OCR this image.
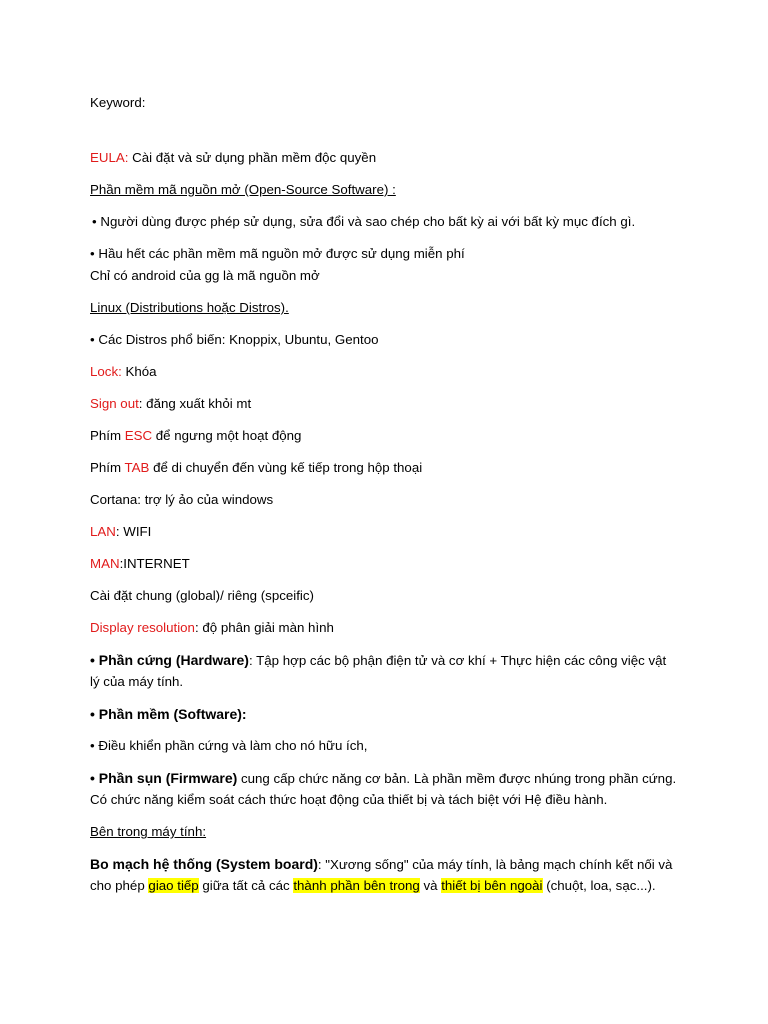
Keyword:
EULA: Cài đặt và sử dụng phần mềm độc quyền
Phần mềm mã nguồn mở (Open-Source Software) :
• Người dùng được phép sử dụng, sửa đổi và sao chép cho bất kỳ ai với bất kỳ mục đích gì.
• Hầu hết các phần mềm mã nguồn mở được sử dụng miễn phí
Chỉ có android của gg là mã nguồn mở
Linux (Distributions hoặc Distros).
• Các Distros phổ biến: Knoppix, Ubuntu, Gentoo
Lock: Khóa
Sign out: đăng xuất khỏi mt
Phím ESC để ngưng một hoạt động
Phím TAB để di chuyển đến vùng kế tiếp trong hộp thoại
Cortana: trợ lý ảo của windows
LAN: WIFI
MAN:INTERNET
Cài đặt chung (global)/ riêng (spceific)
Display resolution: độ phân giải màn hình
• Phần cứng (Hardware): Tập hợp các bộ phận điện tử và cơ khí + Thực hiện các công việc vật
lý của máy tính.
• Phần mềm (Software):
• Điều khiển phần cứng và làm cho nó hữu ích,
• Phần sụn (Firmware) cung cấp chức năng cơ bản. Là phần mềm được nhúng trong phần cứng.
Có chức năng kiểm soát cách thức hoạt động của thiết bị và tách biệt với Hệ điều hành.
Bên trong máy tính:
Bo mạch hệ thống (System board): "Xương sống" của máy tính, là bảng mạch chính kết nối và
cho phép giao tiếp giữa tất cả các thành phần bên trong và thiết bị bên ngoài (chuột, loa, sạc...).
